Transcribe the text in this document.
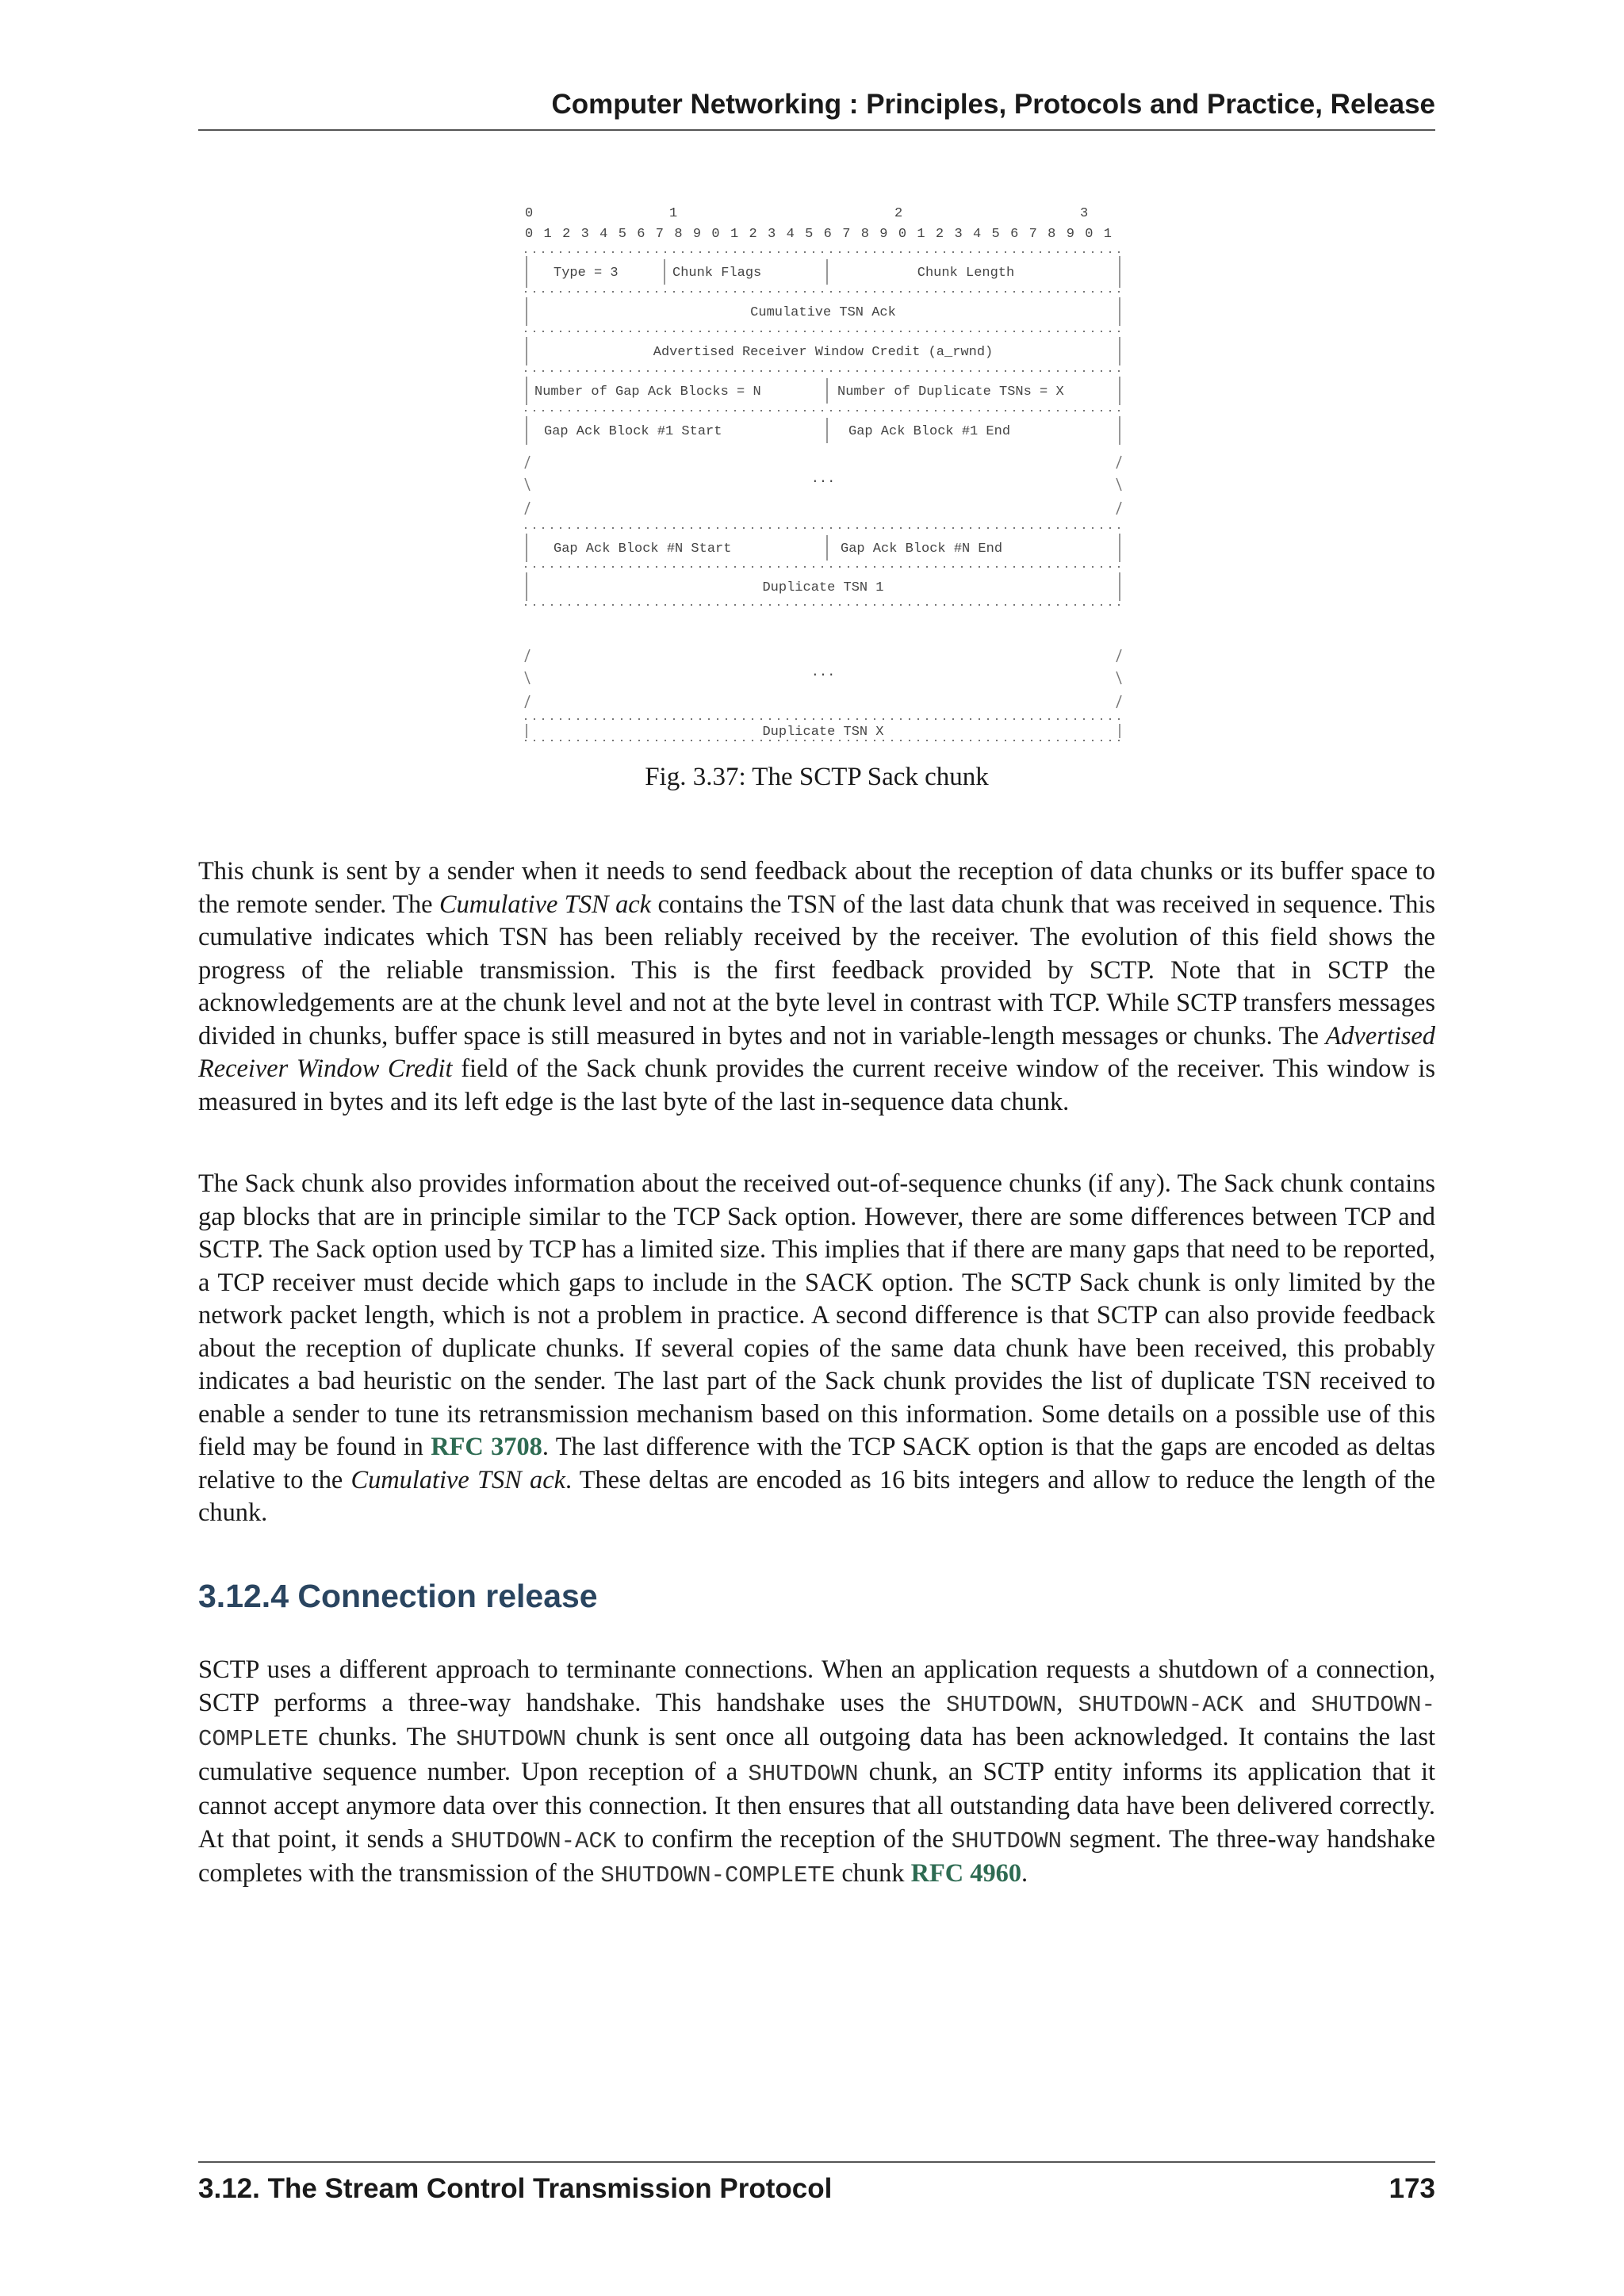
Computer Networking : Principles, Protocols and Practice, Release
0	1	2	3
0 1 2 3 4 5 6 7 8 9 0 1 2 3 4 5 6 7 8 9 0 1 2 3 4 5 6 7 8 9 0 1
Type = 3	Chunk Flags	Chunk Length
Cumulative TSN Ack
Advertised Receiver Window Credit (a_rwnd)
Number of Gap Ack Blocks = N	Number of Duplicate TSNs = X
Gap Ack Block #1 Start	Gap Ack Block #1 End
...
Gap Ack Block #N Start	Gap Ack Block #N End
Duplicate TSN 1
...
Duplicate TSN X
Fig. 3.37: The SCTP Sack chunk

This chunk is sent by a sender when it needs to send feedback about the reception of data chunks or its buffer space to the remote sender. The Cumulative TSN ack contains the TSN of the last data chunk that was received in sequence. This cumulative indicates which TSN has been reliably received by the receiver. The evolution of this field shows the progress of the reliable transmission. This is the first feedback provided by SCTP. Note that in SCTP the acknowledgements are at the chunk level and not at the byte level in contrast with TCP. While SCTP transfers messages divided in chunks, buffer space is still measured in bytes and not in variable-length messages or chunks. The Advertised Receiver Window Credit field of the Sack chunk provides the current receive window of the receiver. This window is measured in bytes and its left edge is the last byte of the last in-sequence data chunk.

The Sack chunk also provides information about the received out-of-sequence chunks (if any). The Sack chunk contains gap blocks that are in principle similar to the TCP Sack option. However, there are some differences between TCP and SCTP. The Sack option used by TCP has a limited size. This implies that if there are many gaps that need to be reported, a TCP receiver must decide which gaps to include in the SACK option. The SCTP Sack chunk is only limited by the network packet length, which is not a problem in practice. A second difference is that SCTP can also provide feedback about the reception of duplicate chunks. If several copies of the same data chunk have been received, this probably indicates a bad heuristic on the sender. The last part of the Sack chunk provides the list of duplicate TSN received to enable a sender to tune its retransmission mechanism based on this information. Some details on a possible use of this field may be found in RFC 3708. The last difference with the TCP SACK option is that the gaps are encoded as deltas relative to the Cumulative TSN ack. These deltas are encoded as 16 bits integers and allow to reduce the length of the chunk.

3.12.4 Connection release

SCTP uses a different approach to terminante connections. When an application requests a shutdown of a connection, SCTP performs a three-way handshake. This handshake uses the SHUTDOWN, SHUTDOWN-ACK and SHUTDOWN-COMPLETE chunks. The SHUTDOWN chunk is sent once all outgoing data has been acknowledged. It contains the last cumulative sequence number. Upon reception of a SHUTDOWN chunk, an SCTP entity informs its application that it cannot accept anymore data over this connection. It then ensures that all outstanding data have been delivered correctly. At that point, it sends a SHUTDOWN-ACK to confirm the reception of the SHUTDOWN segment. The three-way handshake completes with the transmission of the SHUTDOWN-COMPLETE chunk RFC 4960.

3.12. The Stream Control Transmission Protocol	173
